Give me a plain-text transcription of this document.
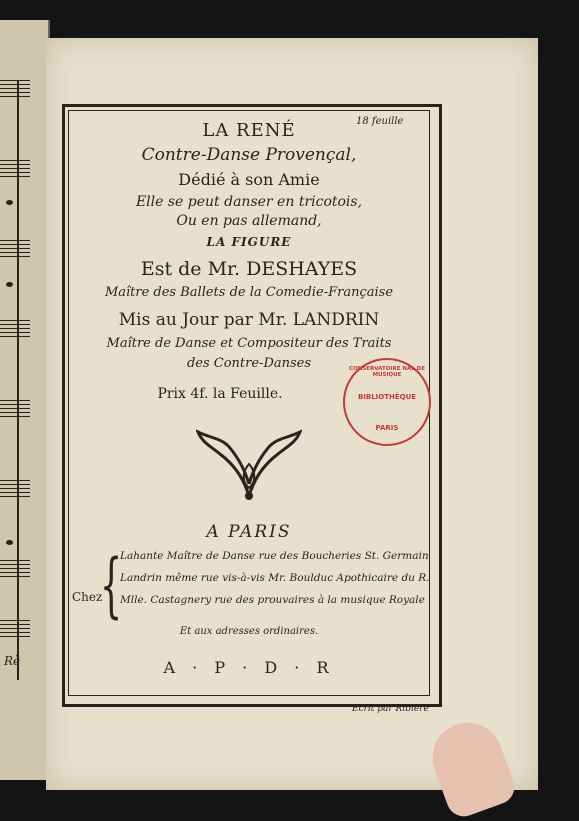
Rè
18 feuille
LA RENÉ
Contre-Danse Provençal,
Dédié à son Amie
Elle se peut danser en tricotois,
Ou en pas allemand,
LA FIGURE
Est de Mr. DESHAYES
Maître des Ballets de la Comedie-Française
Mis au Jour par Mr. LANDRIN
Maître de Danse et Compositeur des Traits
des Contre-Danses
Prix 4f. la Feuille.
CONSERVATOIRE NAL DE MUSIQUE
BIBLIOTHÈQUE
PARIS
A PARIS
{
Chez
Lahante Maître de Danse rue des Boucheries St. Germain
Landrin même rue vis-à-vis Mr. Boulduc Apothicaire du R.
Mlle. Castagnery rue des prouvaires à la musique Royale
Et aux adresses ordinaires.
A · P · D · R
Ecrit par Ribiere
